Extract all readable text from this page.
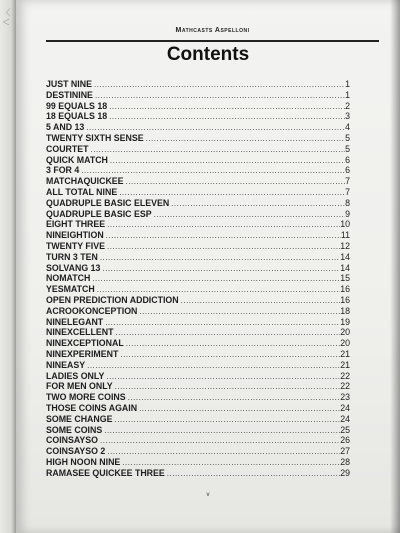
〈
＜
Mathcasts Aspelloni
Contents
JUST NINE .....	1
DESTININE .....	1
99 EQUALS 18 .....	2
18 EQUALS 18 .....	3
5 AND 13 .....	4
TWENTY SIXTH SENSE .....	5
COURTET .....	5
QUICK MATCH .....	6
3 FOR 4 .....	6
MATCHAQUICKEE .....	7
ALL TOTAL NINE .....	7
QUADRUPLE BASIC ELEVEN .....	8
QUADRUPLE BASIC ESP .....	9
EIGHT THREE .....	10
NINEIGHTION .....	11
TWENTY FIVE .....	12
TURN 3 TEN .....	14
SOLVANG 13 .....	14
NOMATCH .....	15
YESMATCH .....	16
OPEN PREDICTION ADDICTION .....	16
ACROOKONCEPTION .....	18
NINELEGANT .....	19
NINEXCELLENT .....	20
NINEXCEPTIONAL .....	20
NINEXPERIMENT .....	21
NINEASY .....	21
LADIES ONLY .....	22
FOR MEN ONLY .....	22
TWO MORE COINS .....	23
THOSE COINS AGAIN .....	24
SOME CHANGE .....	24
SOME COINS .....	25
COINSAYSO .....	26
COINSAYSO 2 .....	27
HIGH NOON NINE .....	28
RAMASEE QUICKEE THREE .....	29
v
